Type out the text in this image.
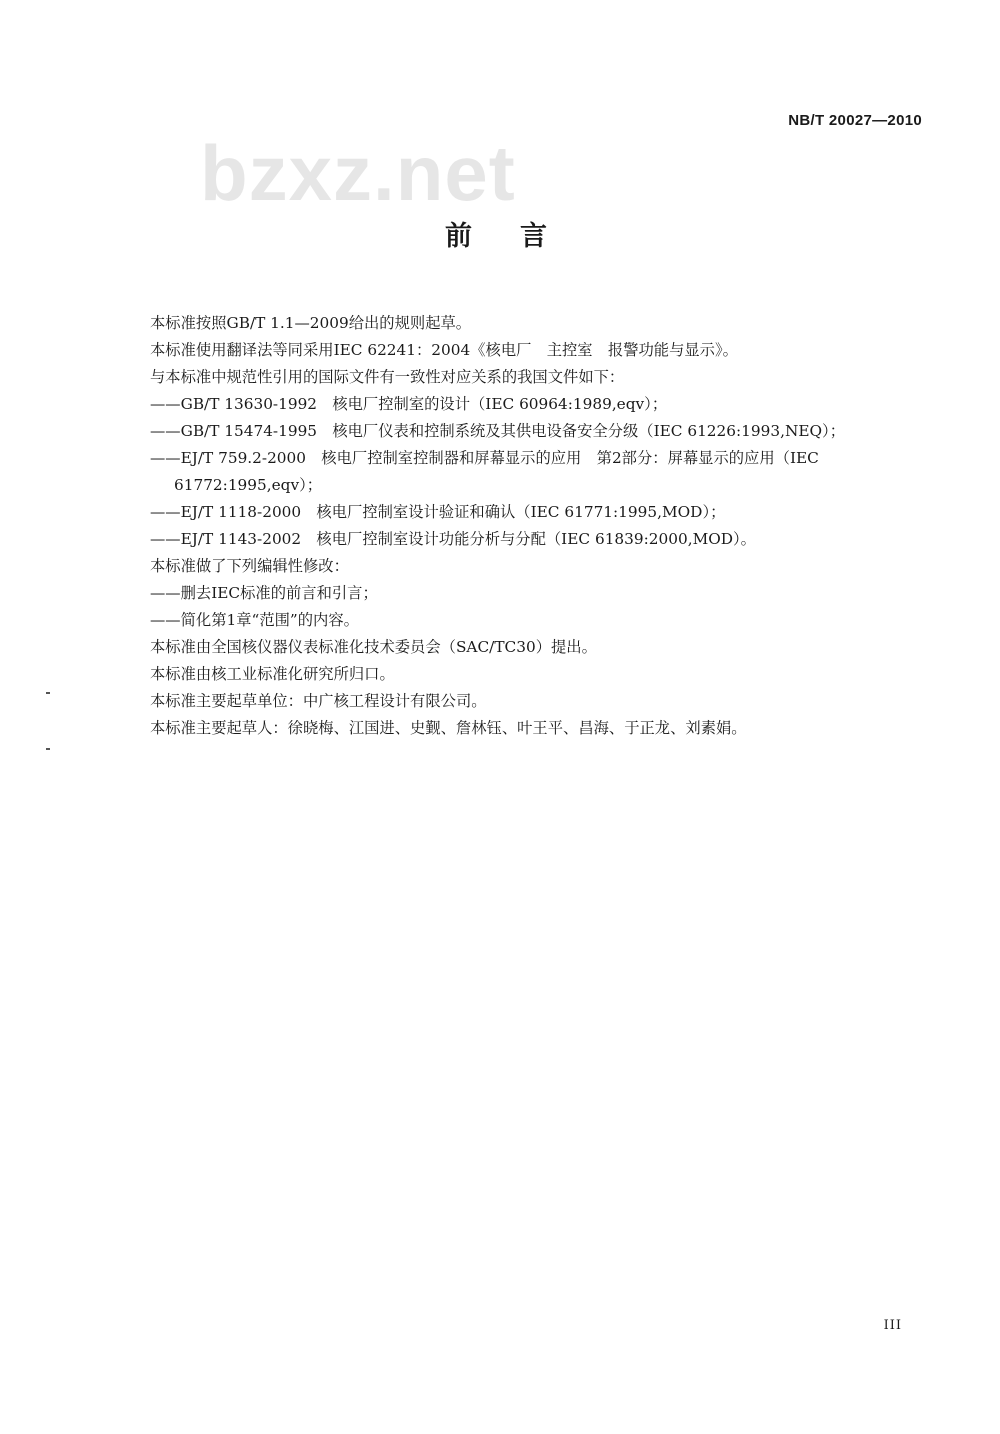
NB/T 20027—2010
bzxz.net
前言
本标准按照GB/T 1.1—2009给出的规则起草。
本标准使用翻译法等同采用IEC 62241：2004《核电厂　主控室　报警功能与显示》。
与本标准中规范性引用的国际文件有一致性对应关系的我国文件如下：
——GB/T 13630-1992　核电厂控制室的设计（IEC 60964:1989,eqv）；
——GB/T 15474-1995　核电厂仪表和控制系统及其供电设备安全分级（IEC 61226:1993,NEQ）；
——EJ/T 759.2-2000　核电厂控制室控制器和屏幕显示的应用　第2部分：屏幕显示的应用（IEC
61772:1995,eqv）；
——EJ/T 1118-2000　核电厂控制室设计验证和确认（IEC 61771:1995,MOD）；
——EJ/T 1143-2002　核电厂控制室设计功能分析与分配（IEC 61839:2000,MOD）。
本标准做了下列编辑性修改：
——删去IEC标准的前言和引言；
——简化第1章“范围”的内容。
本标准由全国核仪器仪表标准化技术委员会（SAC/TC30）提出。
本标准由核工业标准化研究所归口。
本标准主要起草单位：中广核工程设计有限公司。
本标准主要起草人：徐晓梅、江国进、史觐、詹林钰、叶王平、昌海、于正龙、刘素娟。
III
